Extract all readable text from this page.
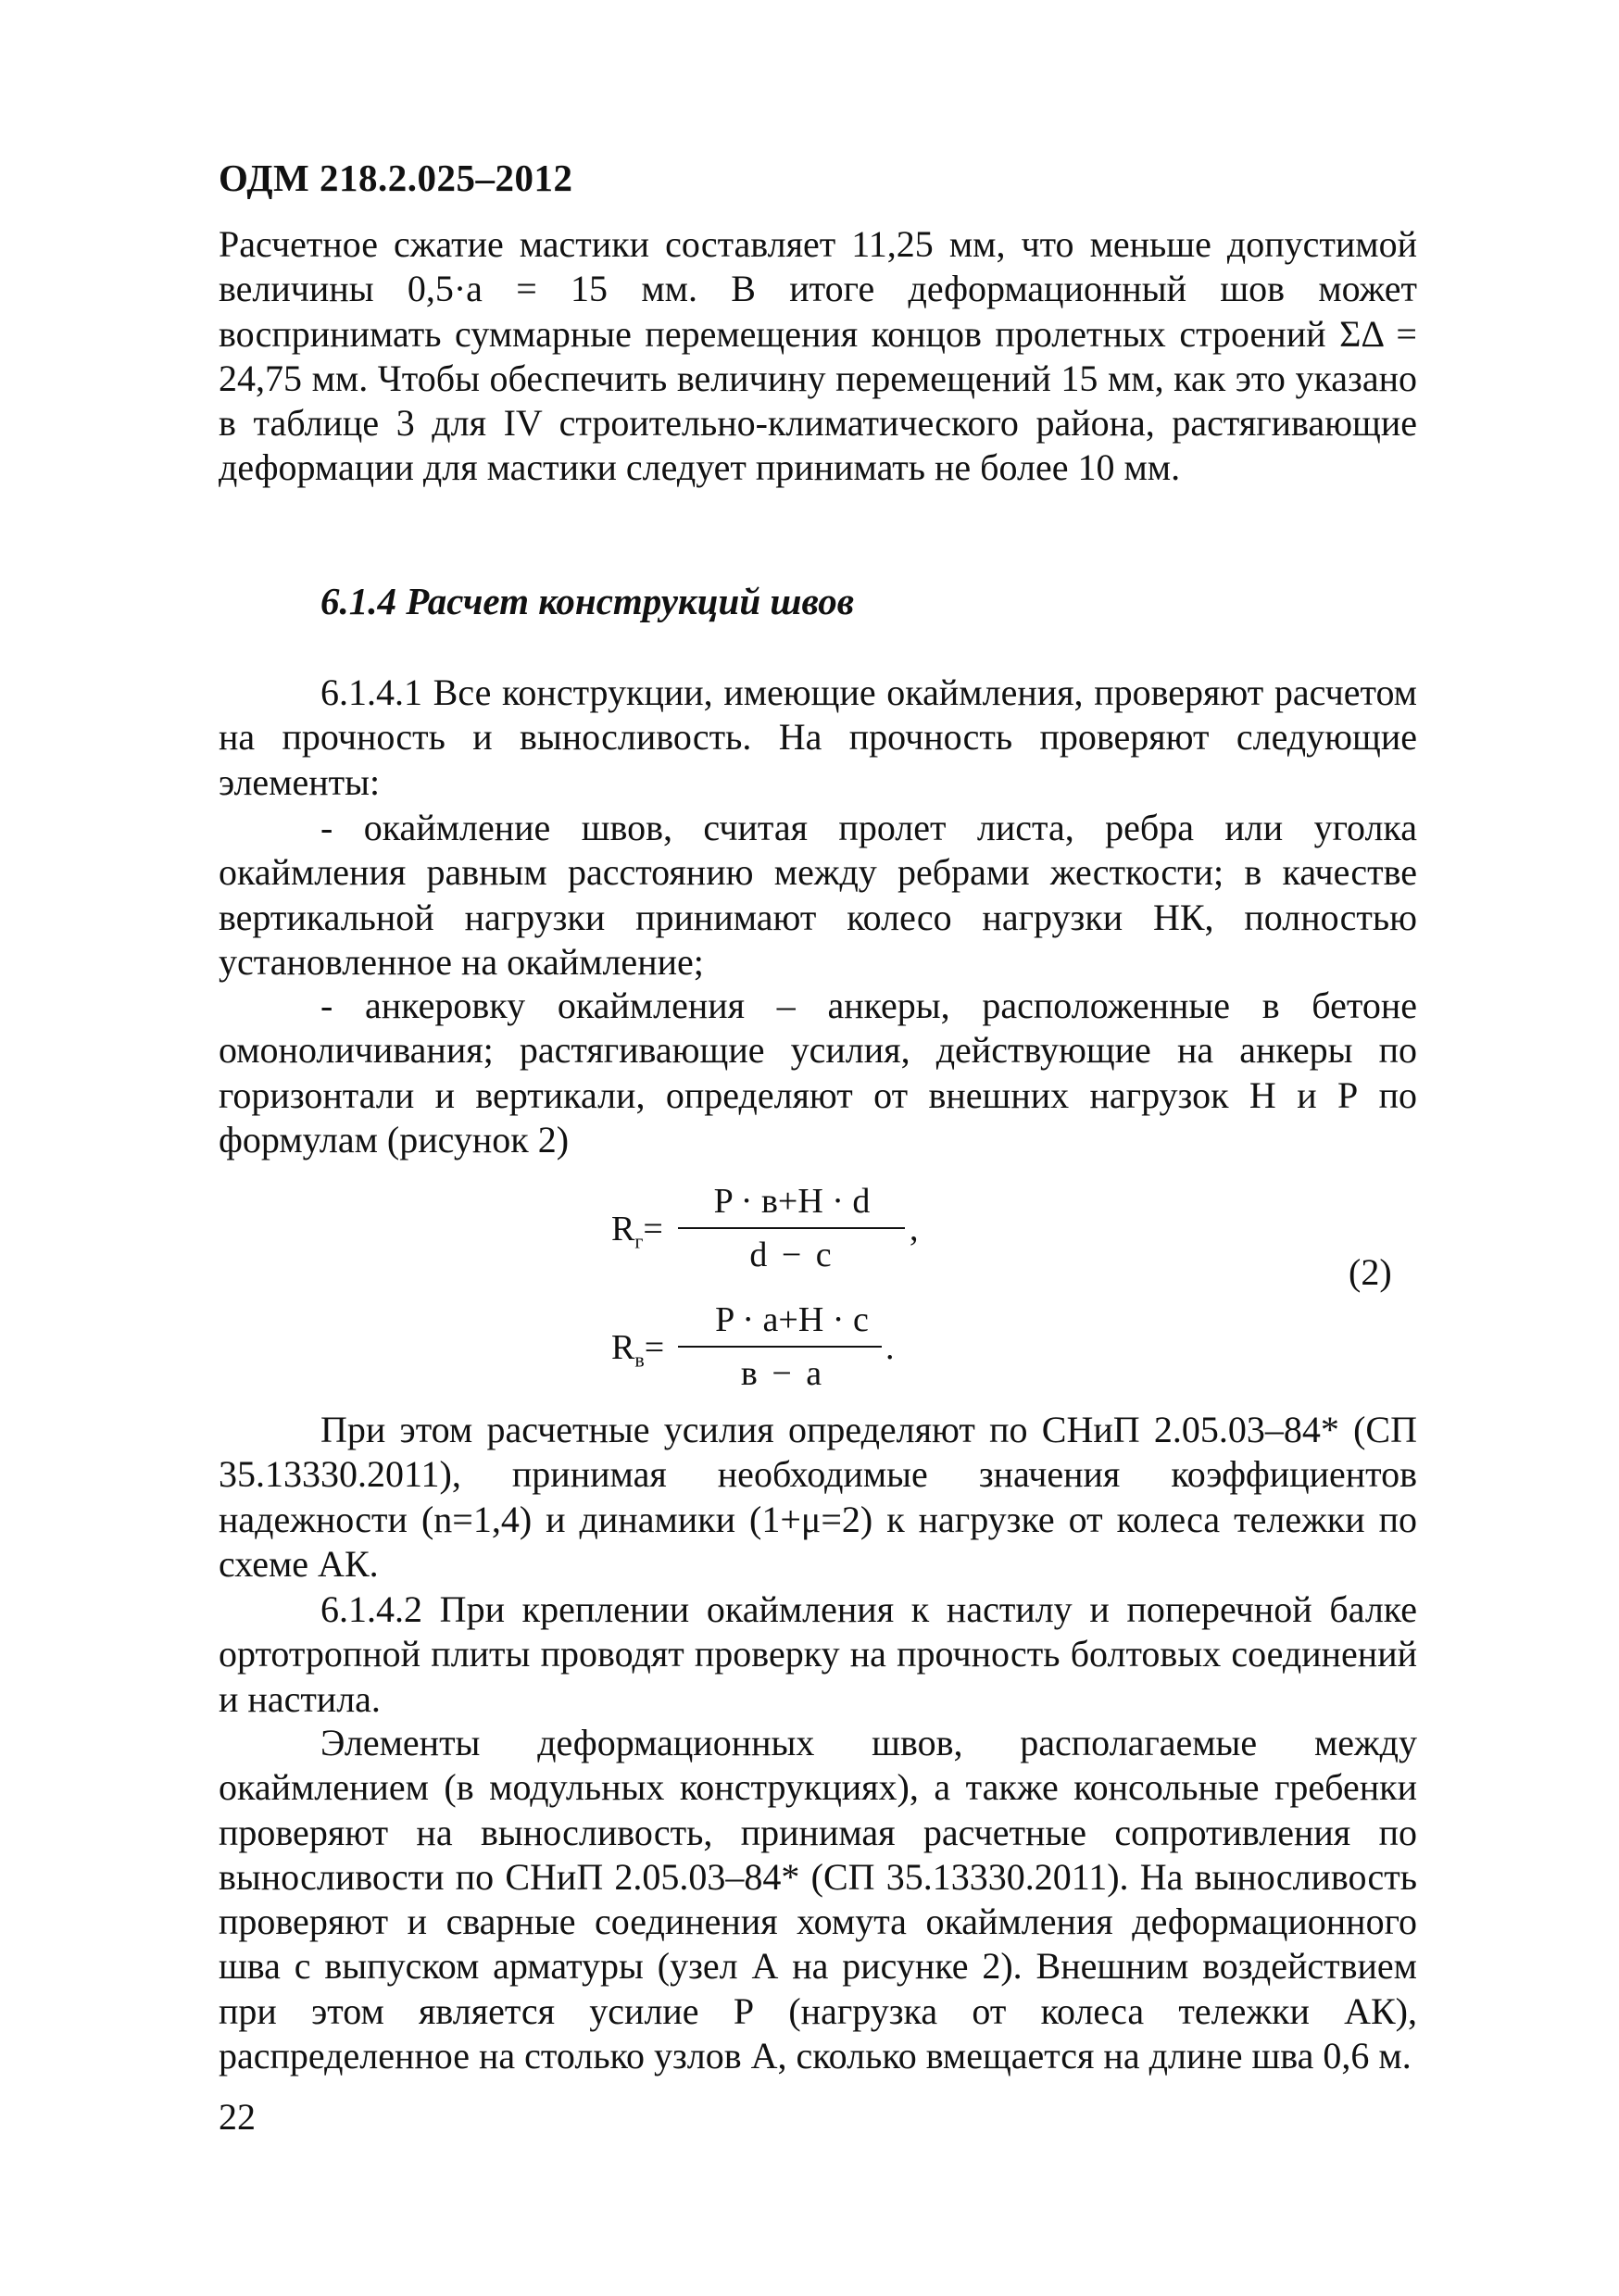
ОДМ 218.2.025–2012
Расчетное сжатие мастики составляет 11,25 мм, что меньше допустимой величины 0,5·а = 15 мм. В итоге деформационный шов может воспринимать суммарные перемещения концов пролетных строений ΣΔ = 24,75 мм. Чтобы обеспечить величину перемещений 15 мм, как это указано в таблице 3 для IV строительно-климатического района, растягивающие деформации для мастики следует принимать не более 10 мм.
6.1.4 Расчет конструкций швов
6.1.4.1 Все конструкции, имеющие окаймления, проверяют расчетом на прочность и выносливость. На прочность проверяют следующие элементы:
- окаймление швов, считая пролет листа, ребра или уголка окаймления равным расстоянию между ребрами жесткости; в качестве вертикальной нагрузки принимают колесо нагрузки НК, полностью установленное на окаймление;
- анкеровку окаймления – анкеры, расположенные в бетоне омоноличивания; растягивающие усилия, действующие на анкеры по горизонтали и вертикали, определяют от внешних нагрузок Н и Р по формулам (рисунок 2)
$R_г=$
P · в+H · d
d − c
,
$R_в=$
P · a+H · c
в − a
.
(2)
При этом расчетные усилия определяют по СНиП 2.05.03–84* (СП 35.13330.2011), принимая необходимые значения коэффициентов надежности (n=1,4) и динамики (1+μ=2) к нагрузке от колеса тележки по схеме АК.
6.1.4.2 При креплении окаймления к настилу и поперечной балке ортотропной плиты проводят проверку на прочность болтовых соединений и настила.
Элементы деформационных швов, располагаемые между окаймлением (в модульных конструкциях), а также консольные гребенки проверяют на выносливость, принимая расчетные сопротивления по выносливости по СНиП 2.05.03–84* (СП 35.13330.2011). На выносливость проверяют и сварные соединения хомута окаймления деформационного шва с выпуском арматуры (узел А на рисунке 2). Внешним воздействием при этом является усилие Р (нагрузка от колеса тележки АК), распределенное на столько узлов А, сколько вмещается на длине шва 0,6 м.
22
